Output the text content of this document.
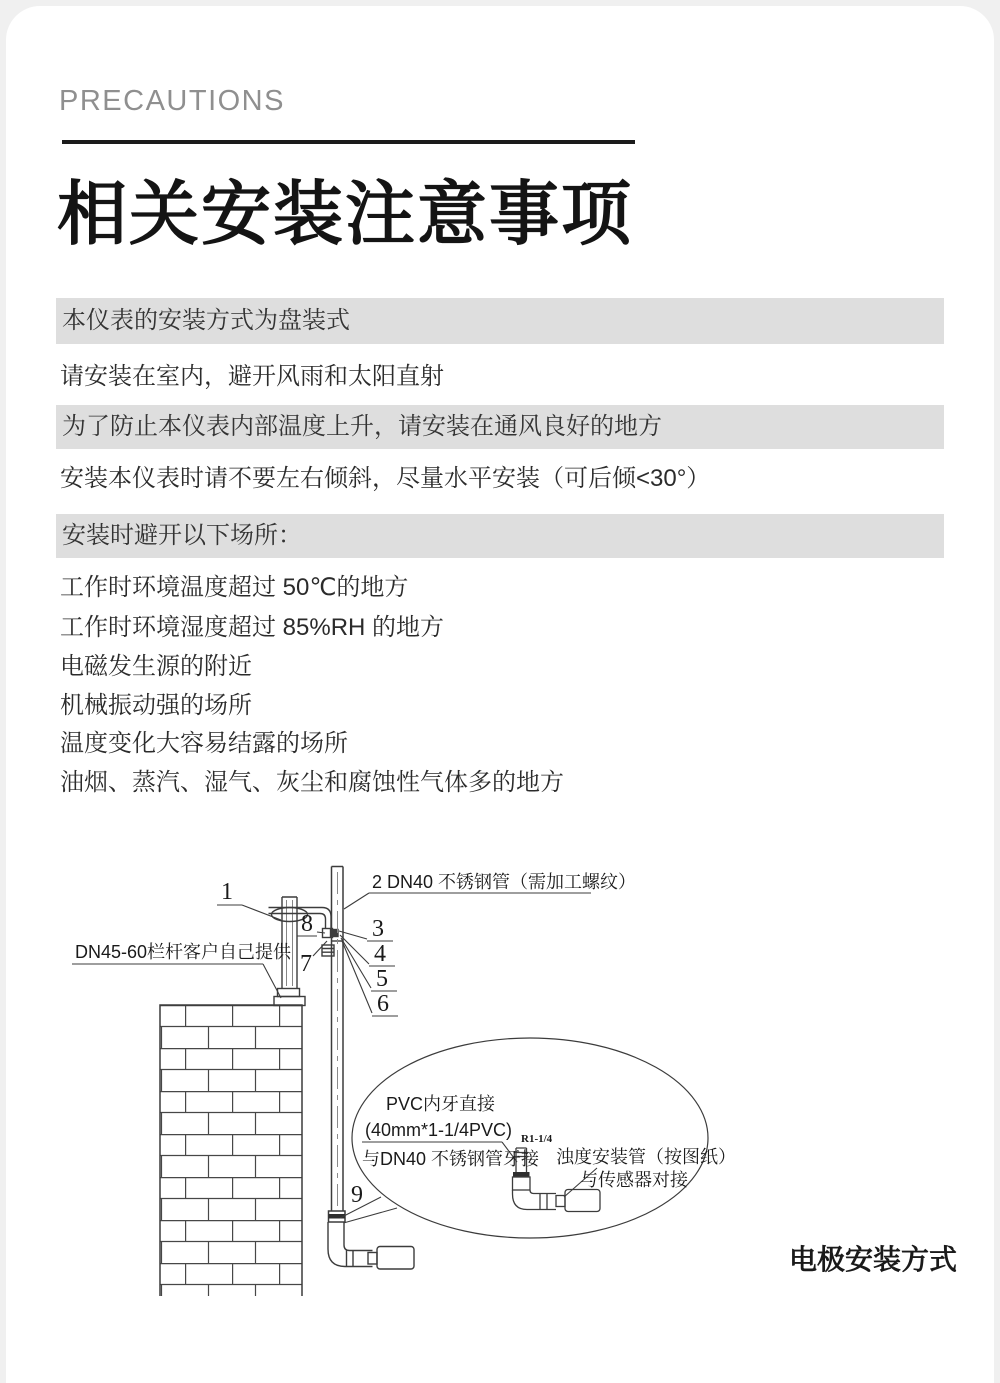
PRECAUTIONS
相关安装注意事项
本仪表的安装方式为盘装式
请安装在室内，避开风雨和太阳直射
为了防止本仪表内部温度上升，请安装在通风良好的地方
安装本仪表时请不要左右倾斜，尽量水平安装（可后倾<30°）
安装时避开以下场所：
工作时环境温度超过 50℃的地方
工作时环境湿度超过 85%RH 的地方
电磁发生源的附近
机械振动强的场所
温度变化大容易结露的场所
油烟、蒸汽、湿气、灰尘和腐蚀性气体多的地方
1	2 DN40 不锈钢管（需加工螺纹）
3
4
5
6
7
8
9
DN45-60栏杆客户自己提供
PVC内牙直接
(40mm*1-1/4PVC)
与DN40 不锈钢管牙接
R1-1/4
浊度安装管（按图纸）
与传感器对接
电极安装方式
